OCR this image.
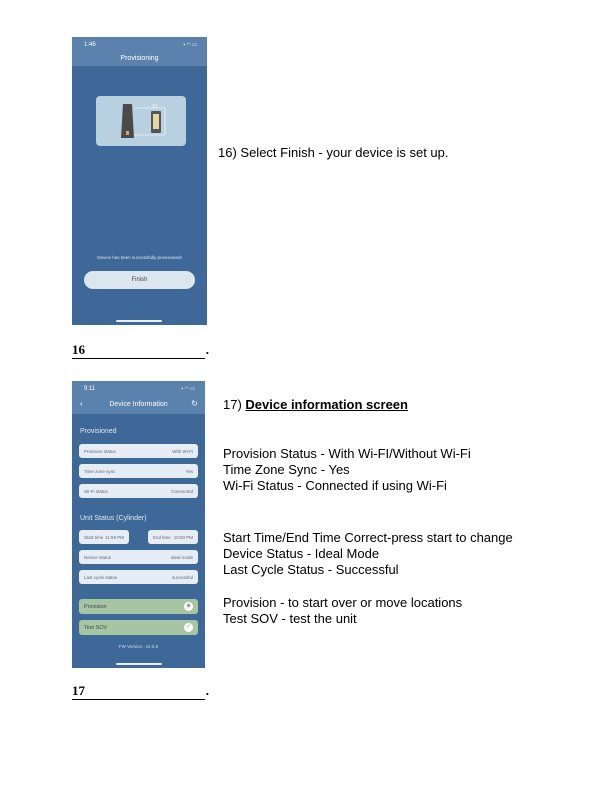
1:46	▪ ◠ ▭
Provisioning
Device has been successfully provisioned!
Finish
16) Select Finish - your device is set up.
16	.
9:11	▪ ◠ ▭
‹	Device Information	↻
Provisioned
Provision status	With Wi-Fi
Time zone sync	Yes
Wi-Fi status	Connected
Unit Status (Cylinder)
Start time 11:59 PM	End time 10:50 PM
Device status	Ideal mode
Last cycle status	successful
Provision	◆
Test SOV	✓
FW Version : v2.0.8
17) Device information screen
Provision Status - With Wi-FI/Without Wi-Fi
Time Zone Sync - Yes
Wi-Fi Status - Connected if using Wi-Fi
Start Time/End Time Correct-press start to change
Device Status - Ideal Mode
Last Cycle Status - Successful
Provision - to start over or move locations
Test SOV - test the unit
17	.
